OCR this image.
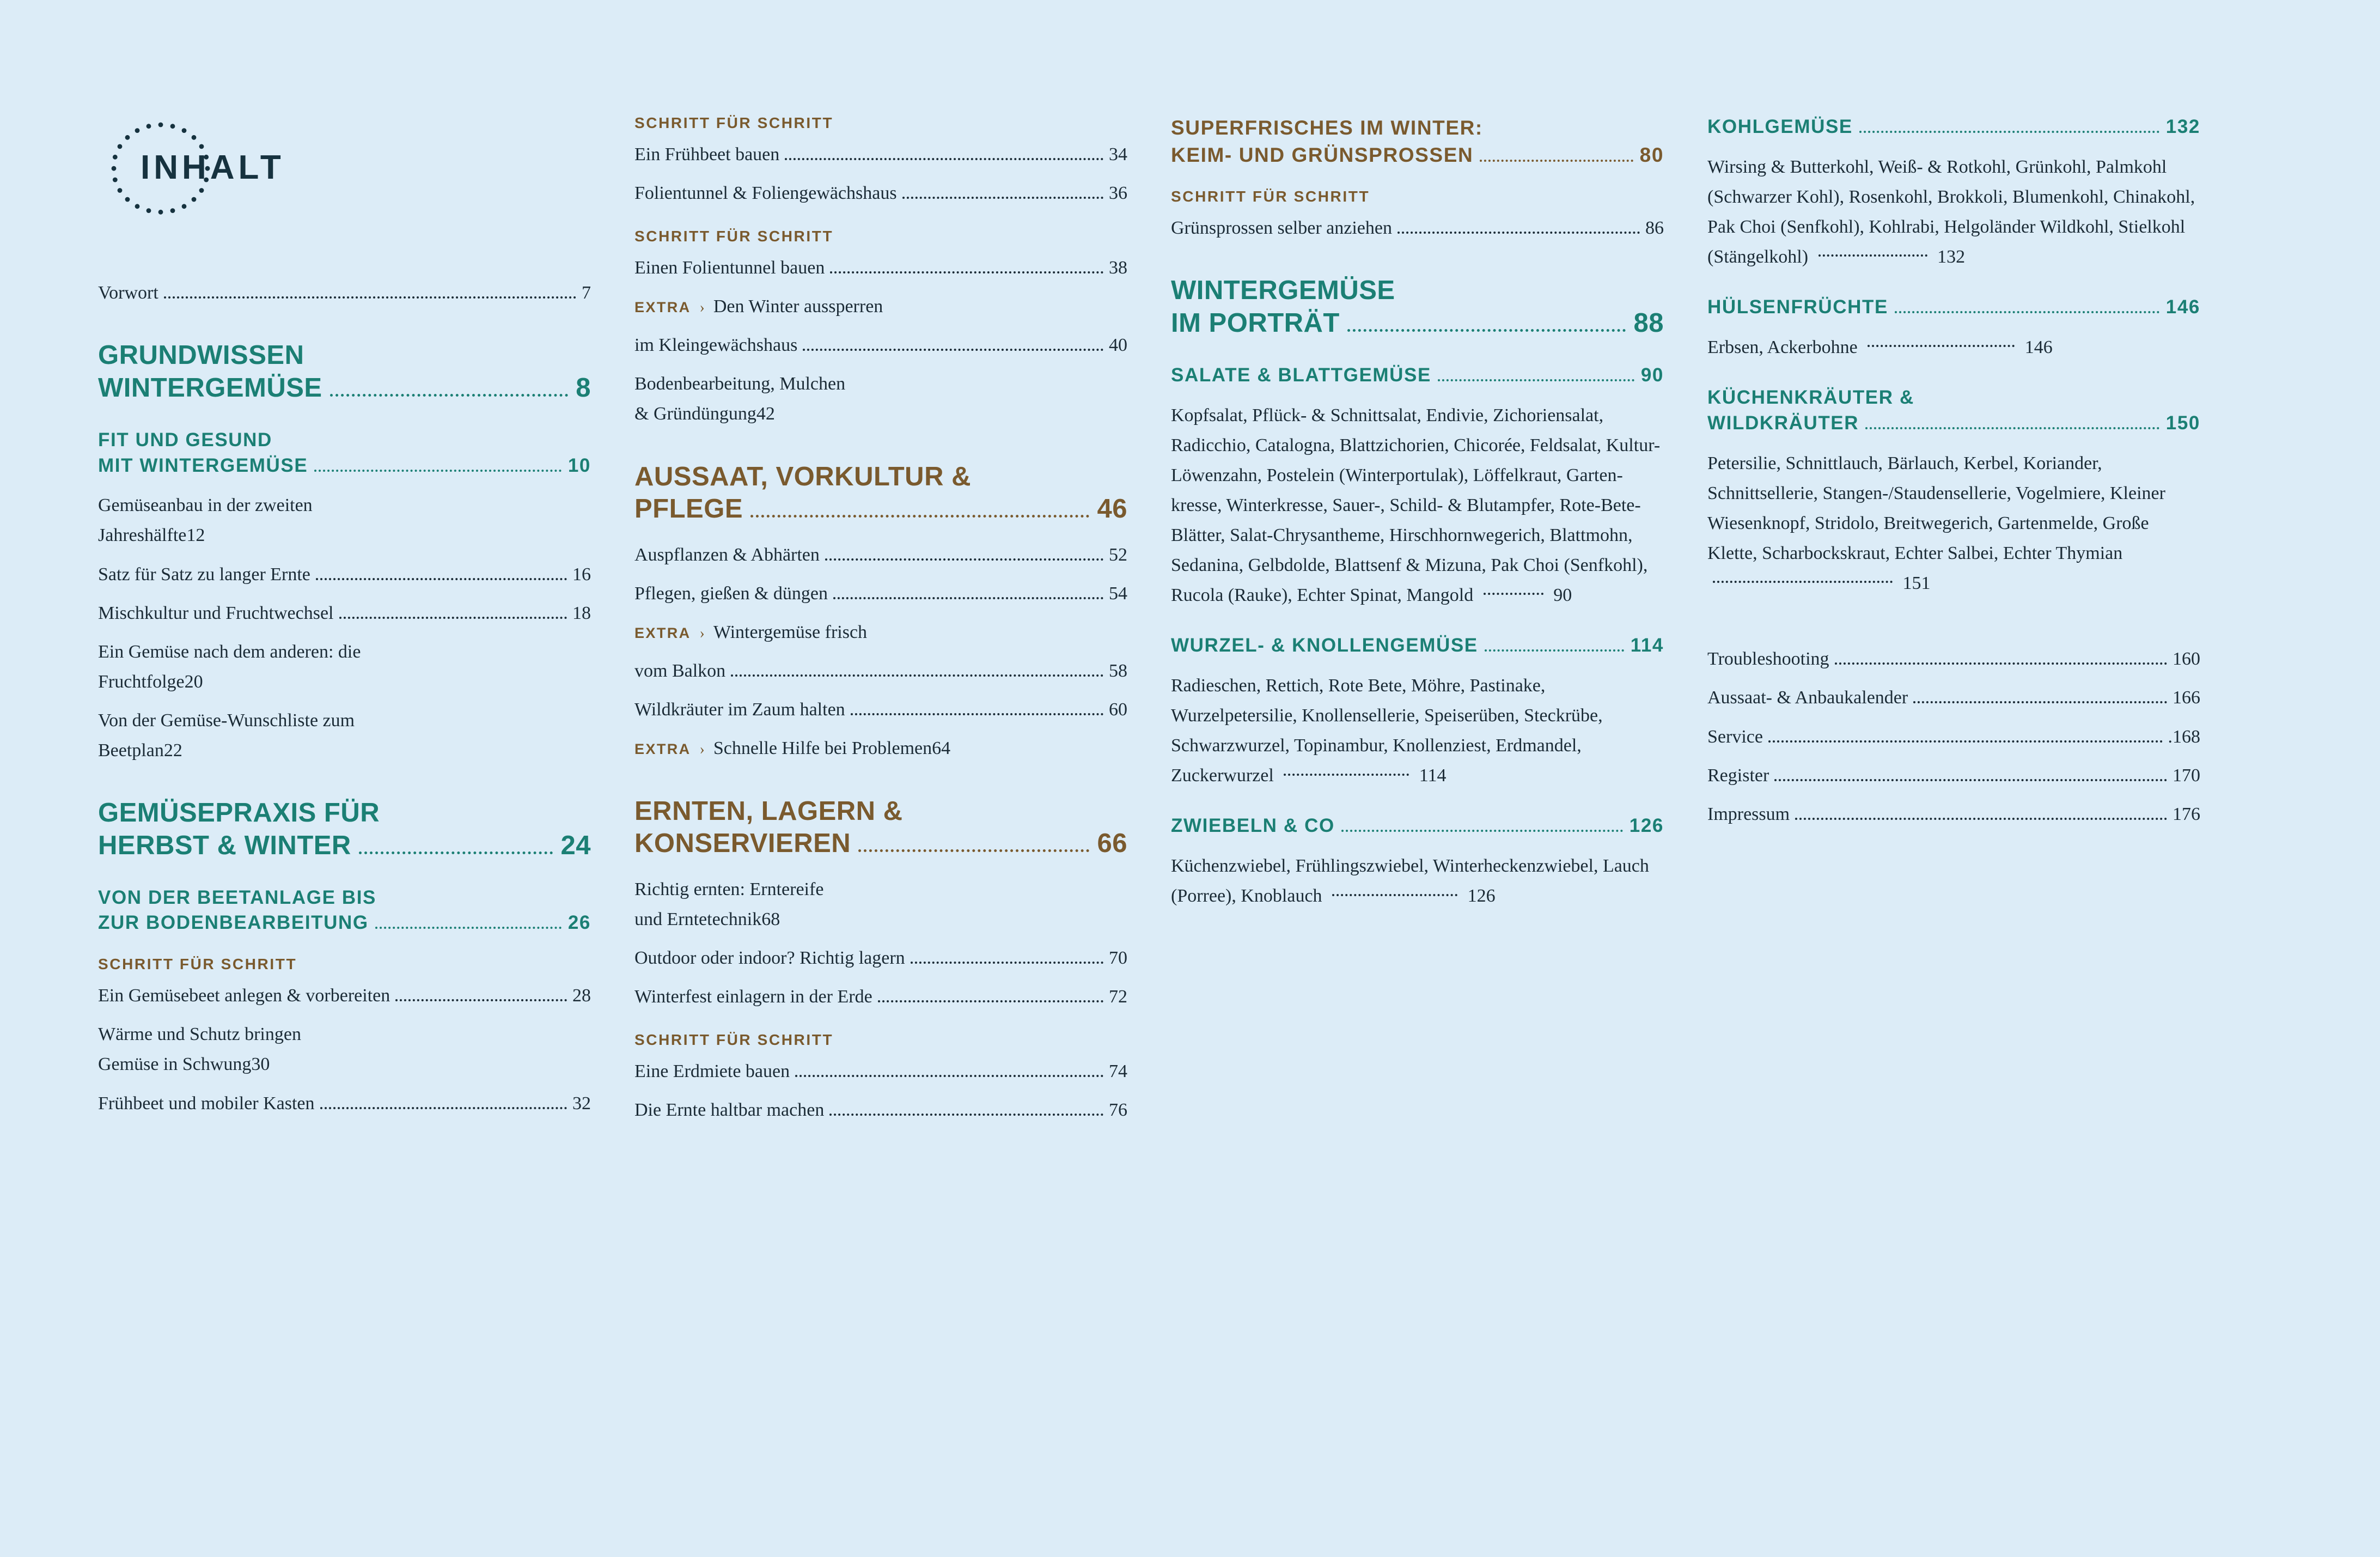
INHALT
Vorwort	7
GRUNDWISSEN
WINTERGEMÜSE	8
FIT UND GESUND
MIT WINTERGEMÜSE	10
Gemüseanbau in der zweiten
Jahreshälfte 12
Satz für Satz zu langer Ernte	16
Mischkultur und Fruchtwechsel	18
Ein Gemüse nach dem anderen: die
Fruchtfolge 20
Von der Gemüse-Wunschliste zum
Beetplan 22
GEMÜSEPRAXIS FÜR
HERBST & WINTER	24
VON DER BEETANLAGE BIS
ZUR BODENBEARBEITUNG	26
SCHRITT FÜR SCHRITT
Ein Gemüsebeet anlegen & vorbereiten	28
Wärme und Schutz bringen
Gemüse in Schwung 30
Frühbeet und mobiler Kasten	32
SCHRITT FÜR SCHRITT
Ein Frühbeet bauen	34
Folientunnel & Foliengewächshaus	36
SCHRITT FÜR SCHRITT
Einen Folientunnel bauen	38
EXTRA › Den Winter aussperren
im Kleingewächshaus	40
Bodenbearbeitung, Mulchen
& Gründüngung 42
AUSSAAT, VORKULTUR &
PFLEGE	46
Auspflanzen & Abhärten	52
Pflegen, gießen & düngen	54
EXTRA › Wintergemüse frisch
vom Balkon	58
Wildkräuter im Zaum halten	60
EXTRA › Schnelle Hilfe bei Problemen 64
ERNTEN, LAGERN &
KONSERVIEREN	66
Richtig ernten: Erntereife
und Erntetechnik 68
Outdoor oder indoor? Richtig lagern	70
Winterfest einlagern in der Erde	72
SCHRITT FÜR SCHRITT
Eine Erdmiete bauen	74
Die Ernte haltbar machen	76
SUPERFRISCHES IM WINTER:
KEIM- UND GRÜNSPROSSEN	80
SCHRITT FÜR SCHRITT
Grünsprossen selber anziehen	86
WINTERGEMÜSE
IM PORTRÄT	88
SALATE & BLATTGEMÜSE	90
Kopfsalat, Pflück- & Schnittsalat, Endivie, Zichoriensalat, Radicchio, Catalogna, Blattzichorien, Chicorée, Feldsalat, Kultur-Löwenzahn, Postelein (Winterportulak), Löffelkraut, Garten-kresse, Winterkresse, Sauer-, Schild- & Blutampfer, Rote-Bete-Blätter, Salat-Chrysantheme, Hirschhornwegerich, Blattmohn, Sedanina, Gelbdolde, Blattsenf & Mizuna, Pak Choi (Senfkohl), Rucola (Rauke), Echter Spinat, Mangold	90
WURZEL- & KNOLLENGEMÜSE	114
Radieschen, Rettich, Rote Bete, Möhre, Pastinake, Wurzelpetersilie, Knollensellerie, Speiserüben, Steckrübe, Schwarzwurzel, Topinambur, Knollenziest, Erdmandel, Zuckerwurzel	114
ZWIEBELN & CO	126
Küchenzwiebel, Frühlingszwiebel, Winterheckenzwiebel, Lauch (Porree), Knoblauch	126
KOHLGEMÜSE	132
Wirsing & Butterkohl, Weiß- & Rotkohl, Grünkohl, Palmkohl (Schwarzer Kohl), Rosenkohl, Brokkoli, Blumenkohl, Chinakohl, Pak Choi (Senfkohl), Kohlrabi, Helgoländer Wildkohl, Stielkohl (Stängelkohl)	132
HÜLSENFRÜCHTE	146
Erbsen, Ackerbohne	146
KÜCHENKRÄUTER &
WILDKRÄUTER	150
Petersilie, Schnittlauch, Bärlauch, Kerbel, Koriander, Schnittsellerie, Stangen-/Staudensellerie, Vogelmiere, Kleiner Wiesenknopf, Stridolo, Breitwegerich, Gartenmelde, Große Klette, Scharbockskraut, Echter Salbei, Echter Thymian  151
Troubleshooting	160
Aussaat- & Anbaukalender	166
Service	.168
Register	170
Impressum	176
